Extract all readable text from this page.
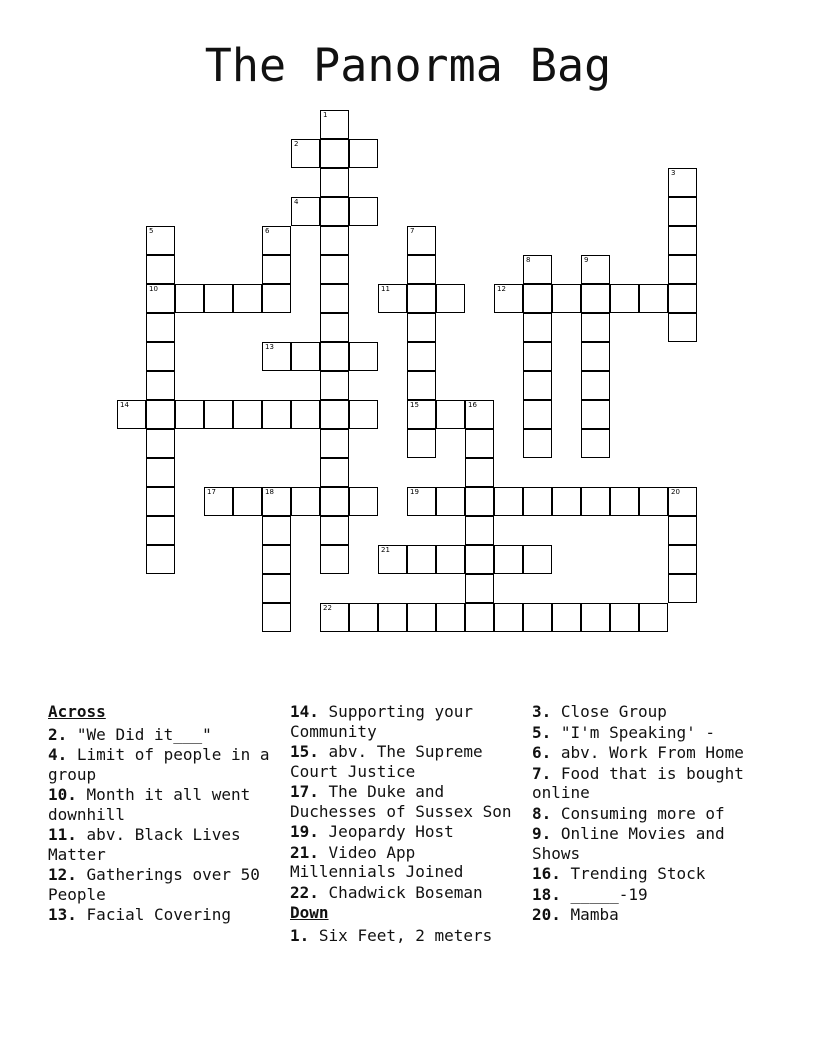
The Panorma Bag
1
2
3
4
5
10
6	7
15
8	9
11	12
13
14	16
17	18	19	20
21
22
Across
2. "We Did it___"
4. Limit of people in a group
10. Month it all went downhill
11. abv. Black Lives Matter
12. Gatherings over 50 People
13. Facial Covering
14. Supporting your Community
15. abv. The Supreme Court Justice
17. The Duke and Duchesses of Sussex Son
19. Jeopardy Host
21. Video App Millennials Joined
22. Chadwick Boseman
Down
1. Six Feet, 2 meters
3. Close Group
5. "I'm Speaking' -
6. abv. Work From Home
7. Food that is bought online
8. Consuming more of
9. Online Movies and Shows
16. Trending Stock
18. _____-19
20. Mamba
